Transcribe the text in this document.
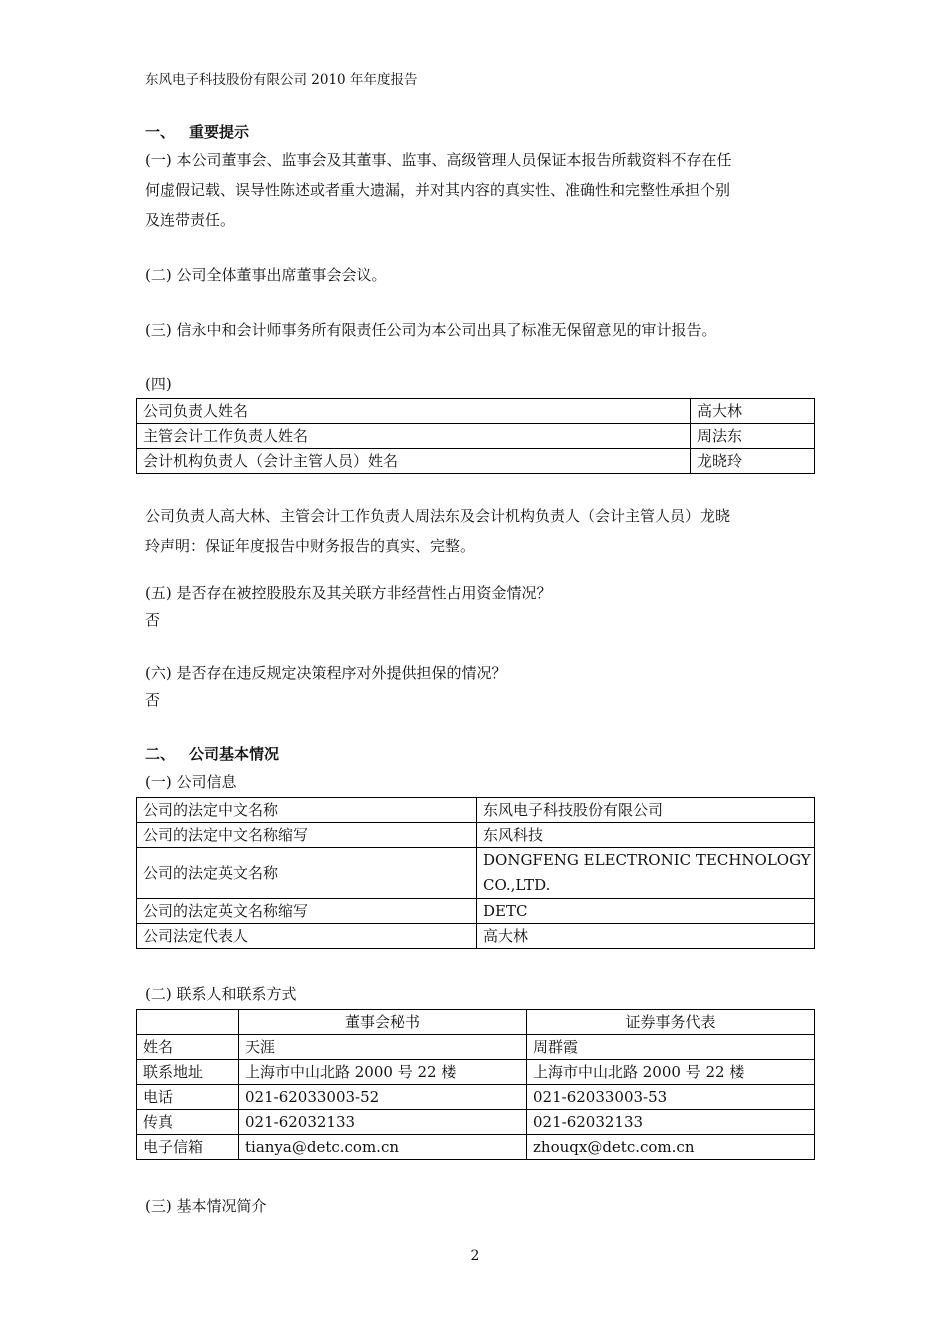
东风电子科技股份有限公司 2010 年年度报告
一、 重要提示
(一) 本公司董事会、监事会及其董事、监事、高级管理人员保证本报告所载资料不存在任
何虚假记载、误导性陈述或者重大遗漏，并对其内容的真实性、准确性和完整性承担个别
及连带责任。
(二) 公司全体董事出席董事会会议。
(三) 信永中和会计师事务所有限责任公司为本公司出具了标准无保留意见的审计报告。
(四)
公司负责人姓名	高大林
主管会计工作负责人姓名	周法东
会计机构负责人（会计主管人员）姓名	龙晓玲
公司负责人高大林、主管会计工作负责人周法东及会计机构负责人（会计主管人员）龙晓
玲声明：保证年度报告中财务报告的真实、完整。
(五) 是否存在被控股股东及其关联方非经营性占用资金情况？
否
(六) 是否存在违反规定决策程序对外提供担保的情况？
否
二、 公司基本情况
(一) 公司信息
公司的法定中文名称	东风电子科技股份有限公司
公司的法定中文名称缩写	东风科技
公司的法定英文名称	DONGFENG ELECTRONIC TECHNOLOGY
CO.,LTD.

公司的法定英文名称缩写	DETC
公司法定代表人	高大林
(二) 联系人和联系方式
	董事会秘书	证券事务代表
姓名	天涯	周群霞
联系地址	上海市中山北路 2000 号 22 楼	上海市中山北路 2000 号 22 楼
电话	021-62033003-52	021-62033003-53
传真	021-62032133	021-62032133
电子信箱	tianya@detc.com.cn	zhouqx@detc.com.cn
(三) 基本情况简介
2
